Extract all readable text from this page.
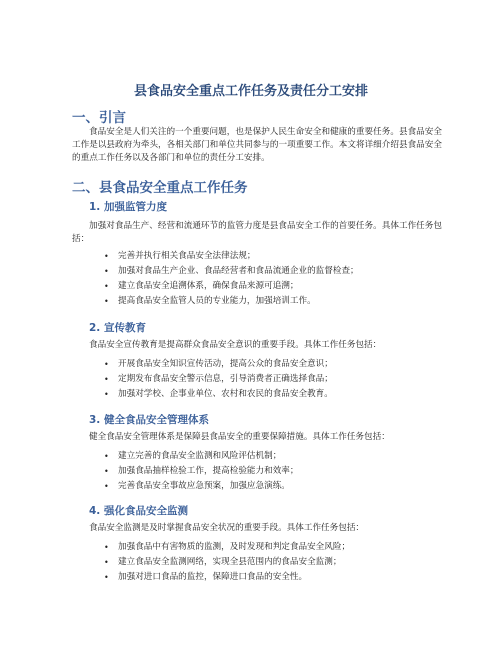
县食品安全重点工作任务及责任分工安排
一、引言

食品安全是人们关注的一个重要问题，也是保护人民生命安全和健康的重要任务。县食品安全工作是以县政府为牵头，各相关部门和单位共同参与的一项重要工作。本文将详细介绍县食品安全的重点工作任务以及各部门和单位的责任分工安排。

二、县食品安全重点工作任务
1. 加强监管力度

加强对食品生产、经营和流通环节的监管力度是县食品安全工作的首要任务。具体工作任务包括：

• 完善并执行相关食品安全法律法规；
• 加强对食品生产企业、食品经营者和食品流通企业的监督检查；
• 建立食品安全追溯体系，确保食品来源可追溯；
• 提高食品安全监管人员的专业能力，加强培训工作。
2. 宣传教育

食品安全宣传教育是提高群众食品安全意识的重要手段。具体工作任务包括：

• 开展食品安全知识宣传活动，提高公众的食品安全意识；
• 定期发布食品安全警示信息，引导消费者正确选择食品；
• 加强对学校、企事业单位、农村和农民的食品安全教育。
3. 健全食品安全管理体系

健全食品安全管理体系是保障县食品安全的重要保障措施。具体工作任务包括：

• 建立完善的食品安全监测和风险评估机制；
• 加强食品抽样检验工作，提高检验能力和效率；
• 完善食品安全事故应急预案，加强应急演练。
4. 强化食品安全监测

食品安全监测是及时掌握食品安全状况的重要手段。具体工作任务包括：

• 加强食品中有害物质的监测，及时发现和判定食品安全风险；
• 建立食品安全监测网络，实现全县范围内的食品安全监测；
• 加强对进口食品的监控，保障进口食品的安全性。
